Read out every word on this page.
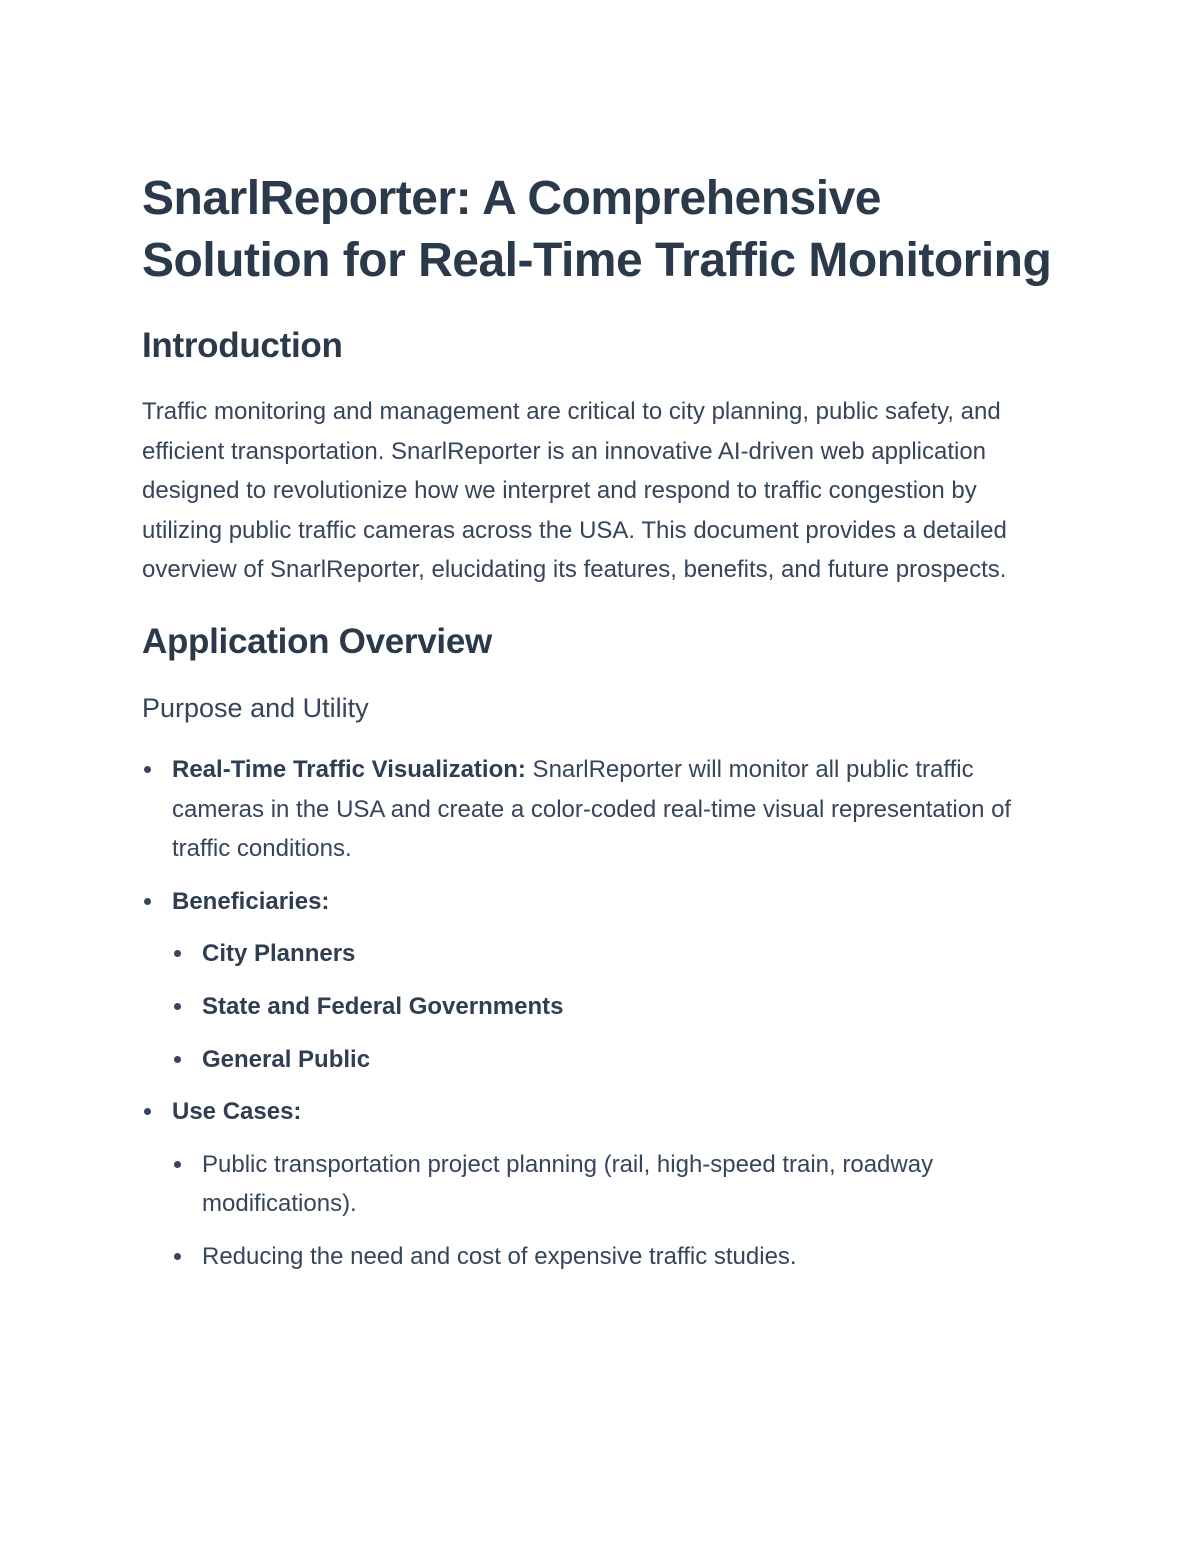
SnarlReporter: A Comprehensive Solution for Real-Time Traffic Monitoring
Introduction

Traffic monitoring and management are critical to city planning, public safety, and efficient transportation. SnarlReporter is an innovative AI-driven web application designed to revolutionize how we interpret and respond to traffic congestion by utilizing public traffic cameras across the USA. This document provides a detailed overview of SnarlReporter, elucidating its features, benefits, and future prospects.

Application Overview
Purpose and Utility
Real-Time Traffic Visualization: SnarlReporter will monitor all public traffic cameras in the USA and create a color-coded real-time visual representation of traffic conditions.
Beneficiaries:
City Planners
State and Federal Governments
General Public
Use Cases:
Public transportation project planning (rail, high-speed train, roadway modifications).
Reducing the need and cost of expensive traffic studies.
